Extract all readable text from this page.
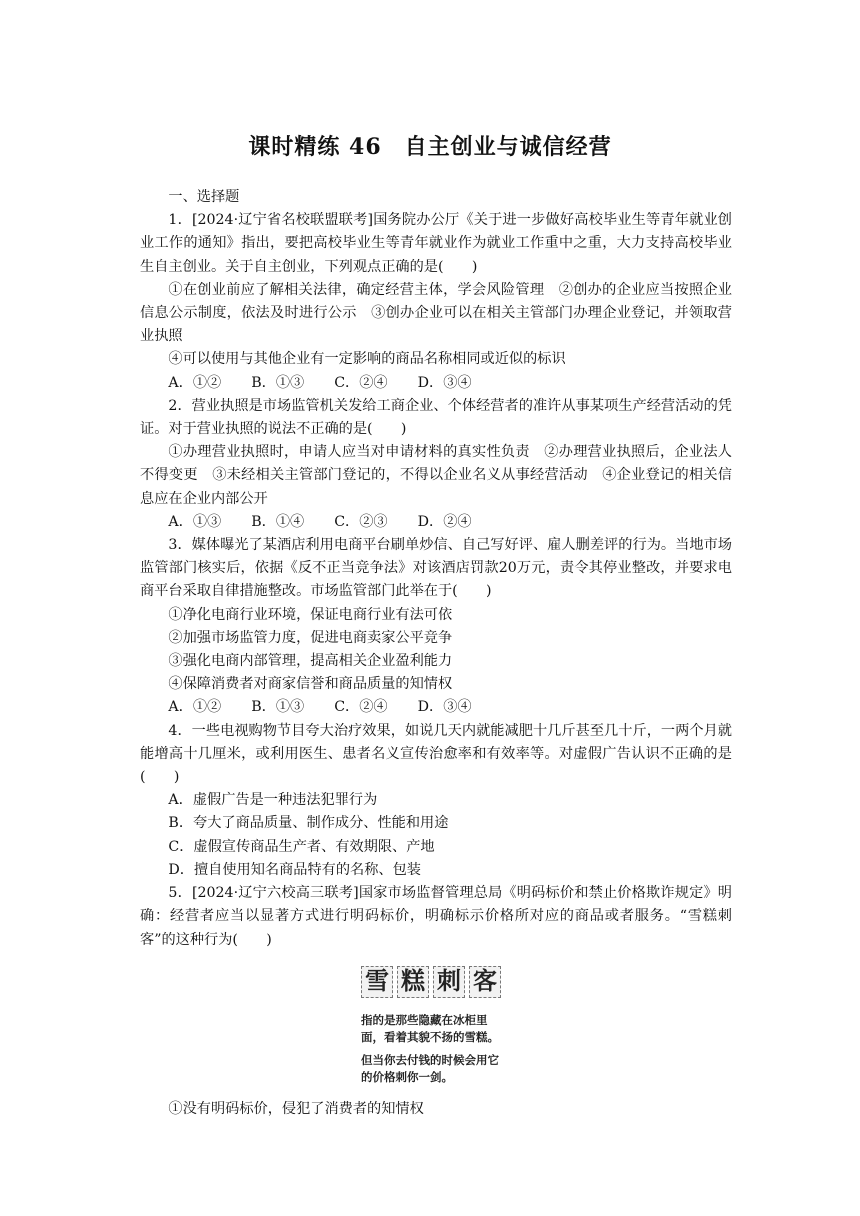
课时精练 46　自主创业与诚信经营

一、选择题

1．[2024·辽宁省名校联盟联考]国务院办公厅《关于进一步做好高校毕业生等青年就业创业工作的通知》指出，要把高校毕业生等青年就业作为就业工作重中之重，大力支持高校毕业生自主创业。关于自主创业，下列观点正确的是(　　)

①在创业前应了解相关法律，确定经营主体，学会风险管理　②创办的企业应当按照企业信息公示制度，依法及时进行公示　③创办企业可以在相关主管部门办理企业登记，并领取营业执照

④可以使用与其他企业有一定影响的商品名称相同或近似的标识

A．①② B．①③ C．②④ D．③④

2．营业执照是市场监管机关发给工商企业、个体经营者的准许从事某项生产经营活动的凭证。对于营业执照的说法不正确的是(　　)

①办理营业执照时，申请人应当对申请材料的真实性负责　②办理营业执照后，企业法人不得变更　③未经相关主管部门登记的，不得以企业名义从事经营活动　④企业登记的相关信息应在企业内部公开

A．①③ B．①④ C．②③ D．②④

3．媒体曝光了某酒店利用电商平台刷单炒信、自己写好评、雇人删差评的行为。当地市场监管部门核实后，依据《反不正当竞争法》对该酒店罚款20万元，责令其停业整改，并要求电商平台采取自律措施整改。市场监管部门此举在于(　　)

①净化电商行业环境，保证电商行业有法可依

②加强市场监管力度，促进电商卖家公平竞争

③强化电商内部管理，提高相关企业盈利能力

④保障消费者对商家信誉和商品质量的知情权

A．①② B．①③ C．②④ D．③④

4．一些电视购物节目夸大治疗效果，如说几天内就能减肥十几斤甚至几十斤，一两个月就能增高十几厘米，或利用医生、患者名义宣传治愈率和有效率等。对虚假广告认识不正确的是(　　)

A．虚假广告是一种违法犯罪行为

B．夸大了商品质量、制作成分、性能和用途

C．虚假宣传商品生产者、有效期限、产地

D．擅自使用知名商品特有的名称、包装

5．[2024·辽宁六校高三联考]国家市场监督管理总局《明码标价和禁止价格欺诈规定》明确：经营者应当以显著方式进行明码标价，明确标示价格所对应的商品或者服务。“雪糕刺客”的这种行为(　　)

雪 糕 刺 客

指的是那些隐藏在冰柜里面，看着其貌不扬的雪糕。

但当你去付钱的时候会用它的价格刺你一剑。

①没有明码标价，侵犯了消费者的知情权
